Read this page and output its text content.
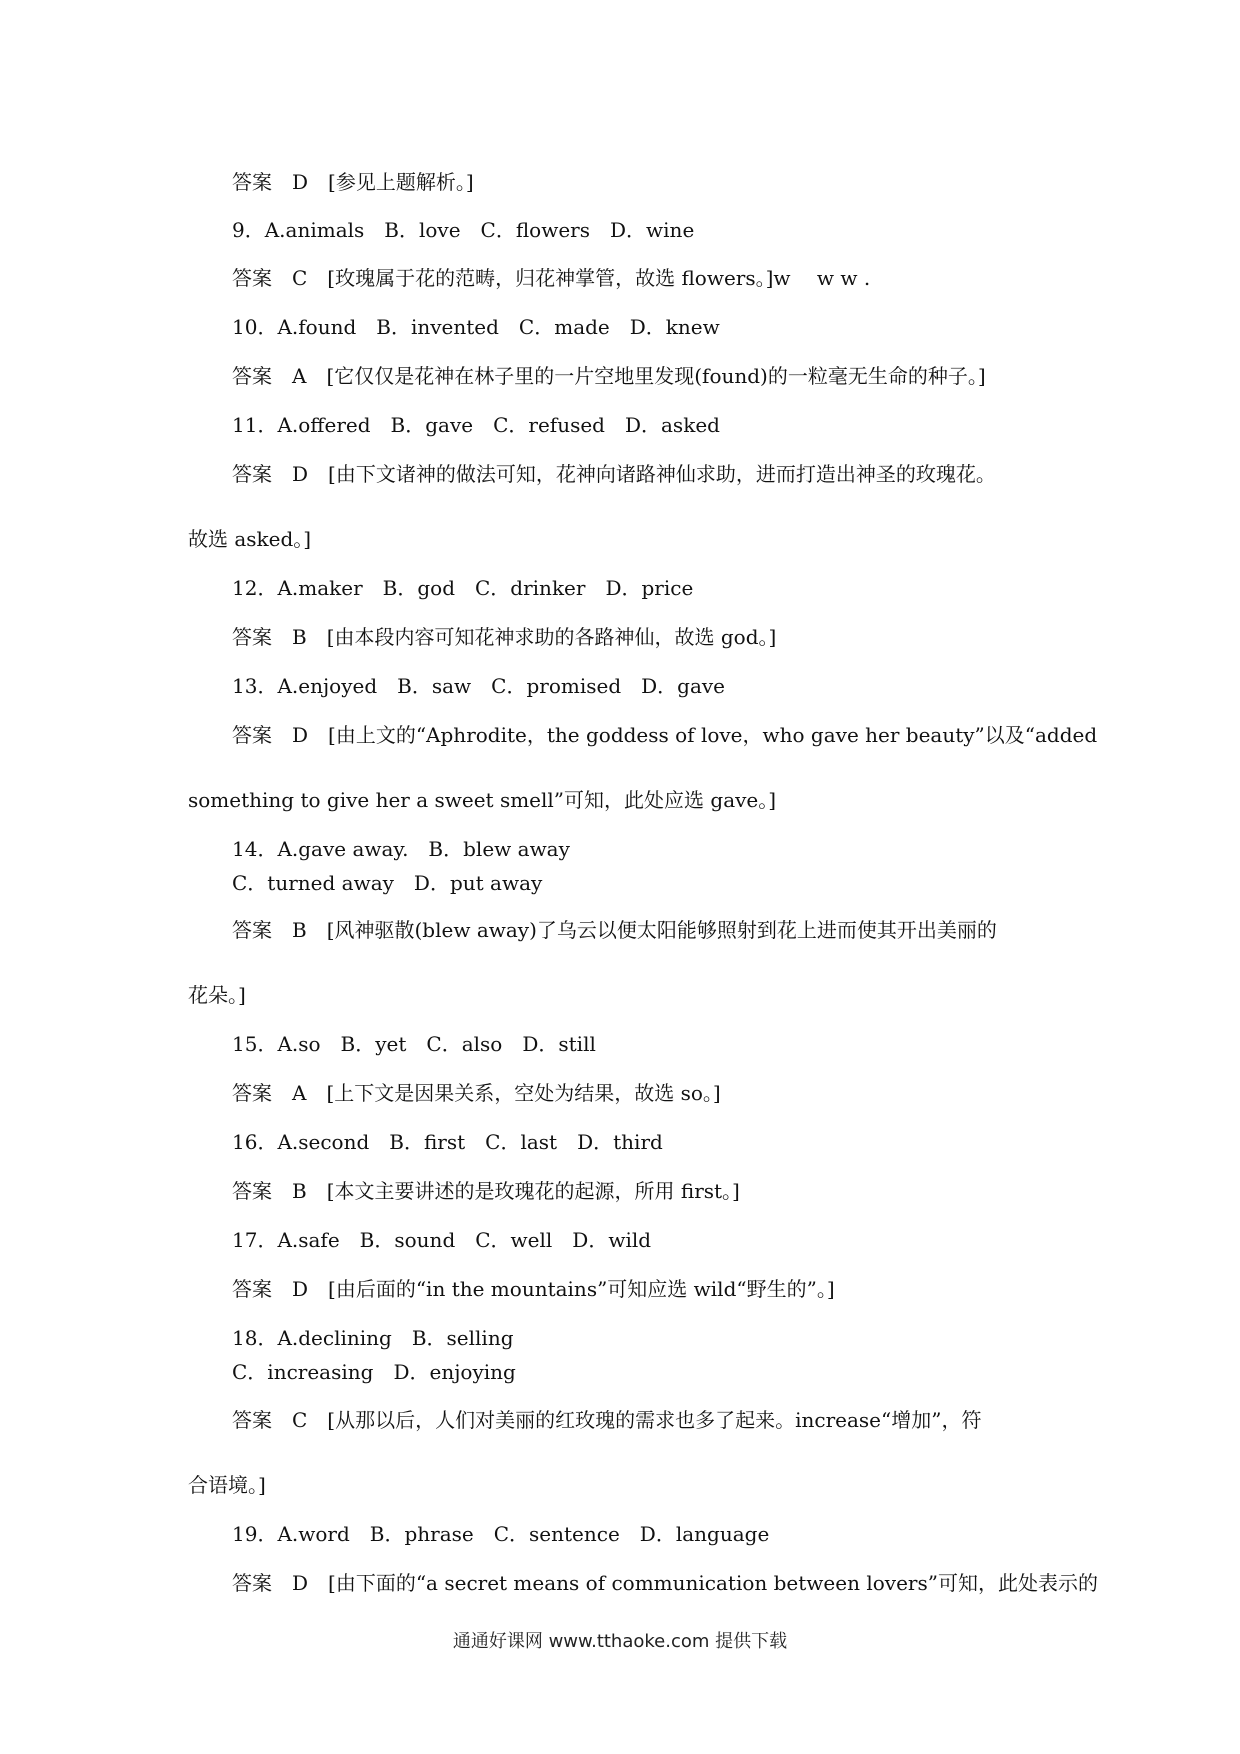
答案　D　[参见上题解析。]
9．A.animals　B．love　C．flowers　D．wine
答案　C　[玫瑰属于花的范畴，归花神掌管，故选 flowers。]w　 w w .
10．A.found　B．invented　C．made　D．knew
答案　A　[它仅仅是花神在林子里的一片空地里发现(found)的一粒毫无生命的种子。]
11．A.offered　B．gave　C．refused　D．asked
答案　D　[由下文诸神的做法可知，花神向诸路神仙求助，进而打造出神圣的玫瑰花。
故选 asked。]
12．A.maker　B．god　C．drinker　D．price
答案　B　[由本段内容可知花神求助的各路神仙，故选 god。]
13．A.enjoyed　B．saw　C．promised　D．gave
答案　D　[由上文的“Aphrodite，the goddess of love，who gave her beauty”以及“added
something to give her a sweet smell”可知，此处应选 gave。]
14．A.gave away.　B．blew away
C．turned away　D．put away
答案　B　[风神驱散(blew away)了乌云以便太阳能够照射到花上进而使其开出美丽的
花朵。]
15．A.so　B．yet　C．also　D．still
答案　A　[上下文是因果关系，空处为结果，故选 so。]
16．A.second　B．first　C．last　D．third
答案　B　[本文主要讲述的是玫瑰花的起源，所用 first。]
17．A.safe　B．sound　C．well　D．wild
答案　D　[由后面的“in the mountains”可知应选 wild“野生的”。]
18．A.declining　B．selling
C．increasing　D．enjoying
答案　C　[从那以后，人们对美丽的红玫瑰的需求也多了起来。increase“增加”，符
合语境。]
19．A.word　B．phrase　C．sentence　D．language
答案　D　[由下面的“a secret means of communication between lovers”可知，此处表示的
通通好课网 www.tthaoke.com 提供下载
